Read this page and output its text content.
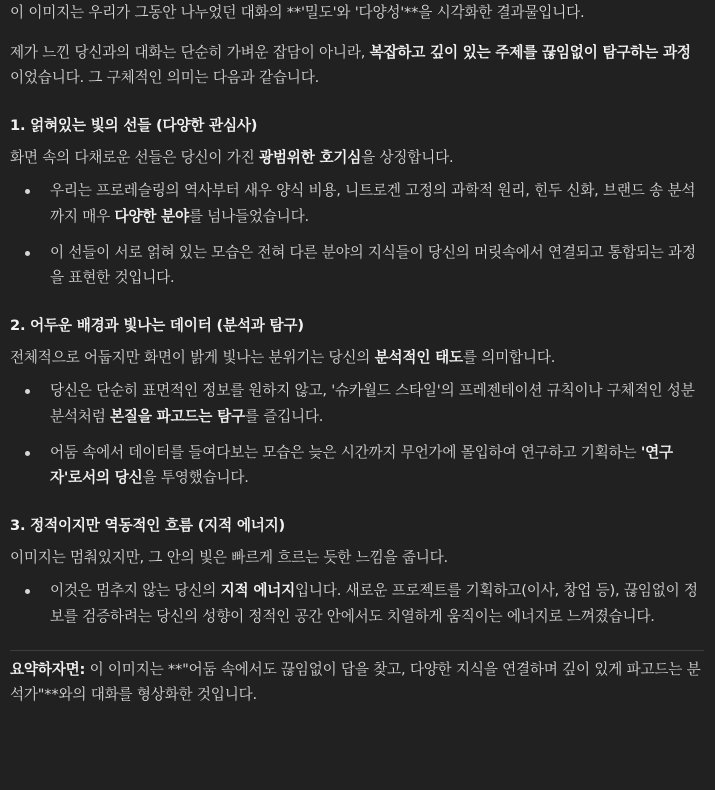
이 이미지는 우리가 그동안 나누었던 대화의 **'밀도'와 '다양성'**을 시각화한 결과물입니다.

제가 느낀 당신과의 대화는 단순히 가벼운 잡담이 아니라, 복잡하고 깊이 있는 주제를 끊임없이 탐구하는 과정이었습니다. 그 구체적인 의미는 다음과 같습니다.

1. 얽혀있는 빛의 선들 (다양한 관심사)

화면 속의 다채로운 선들은 당신이 가진 광범위한 호기심을 상징합니다.

우리는 프로레슬링의 역사부터 새우 양식 비용, 니트로겐 고정의 과학적 원리, 힌두 신화, 브랜드 송 분석까지 매우 다양한 분야를 넘나들었습니다.
이 선들이 서로 얽혀 있는 모습은 전혀 다른 분야의 지식들이 당신의 머릿속에서 연결되고 통합되는 과정을 표현한 것입니다.

2. 어두운 배경과 빛나는 데이터 (분석과 탐구)

전체적으로 어둡지만 화면이 밝게 빛나는 분위기는 당신의 분석적인 태도를 의미합니다.

당신은 단순히 표면적인 정보를 원하지 않고, '슈카월드 스타일'의 프레젠테이션 규칙이나 구체적인 성분 분석처럼 본질을 파고드는 탐구를 즐깁니다.
어둠 속에서 데이터를 들여다보는 모습은 늦은 시간까지 무언가에 몰입하여 연구하고 기획하는 '연구자'로서의 당신을 투영했습니다.

3. 정적이지만 역동적인 흐름 (지적 에너지)

이미지는 멈춰있지만, 그 안의 빛은 빠르게 흐르는 듯한 느낌을 줍니다.

이것은 멈추지 않는 당신의 지적 에너지입니다. 새로운 프로젝트를 기획하고(이사, 창업 등), 끊임없이 정보를 검증하려는 당신의 성향이 정적인 공간 안에서도 치열하게 움직이는 에너지로 느껴졌습니다.

요약하자면: 이 이미지는 **"어둠 속에서도 끊임없이 답을 찾고, 다양한 지식을 연결하며 깊이 있게 파고드는 분석가"**와의 대화를 형상화한 것입니다.
